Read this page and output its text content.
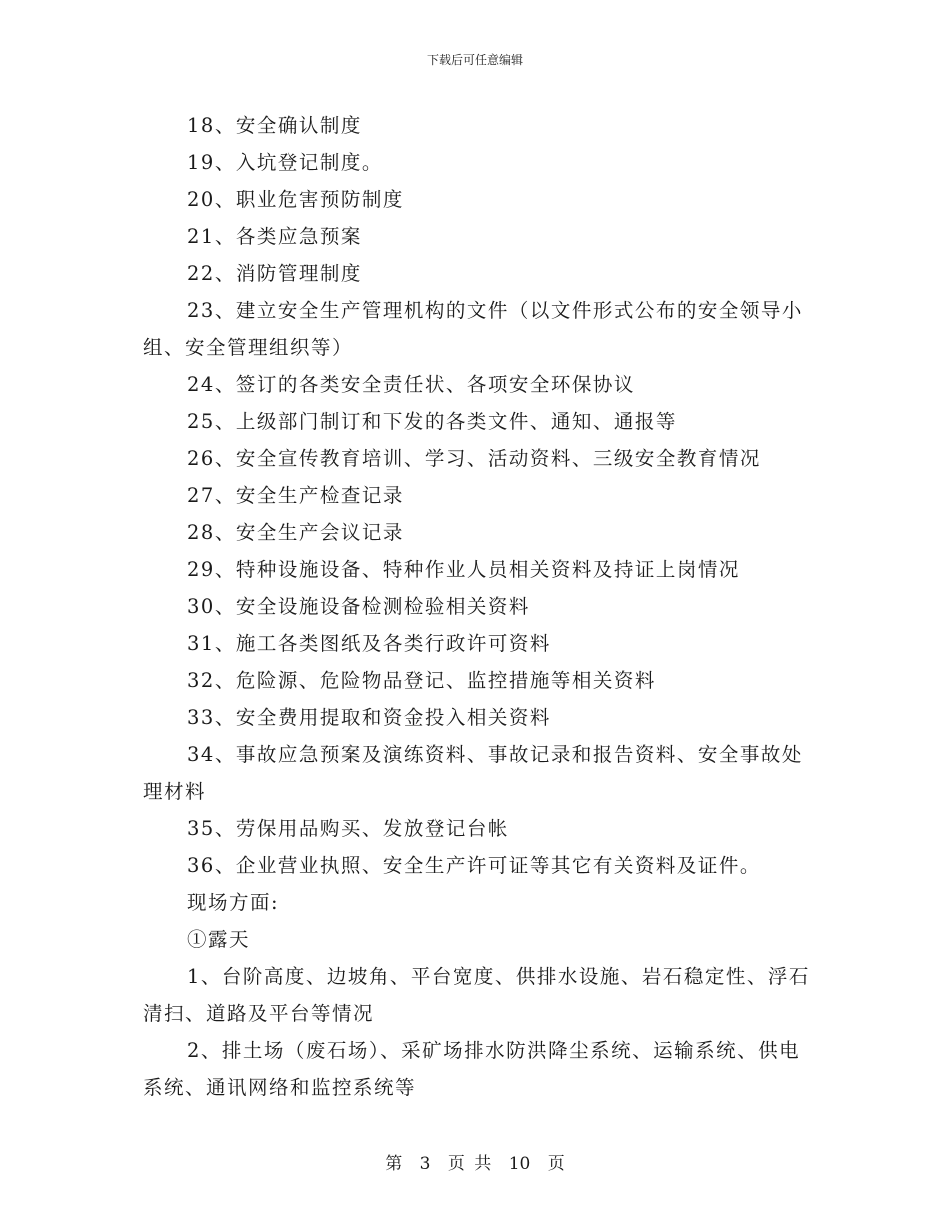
下载后可任意编辑

18、安全确认制度

19、入坑登记制度。

20、职业危害预防制度

21、各类应急预案

22、消防管理制度

23、建立安全生产管理机构的文件（以文件形式公布的安全领导小组、安全管理组织等）

24、签订的各类安全责任状、各项安全环保协议

25、上级部门制订和下发的各类文件、通知、通报等

26、安全宣传教育培训、学习、活动资料、三级安全教育情况

27、安全生产检查记录

28、安全生产会议记录

29、特种设施设备、特种作业人员相关资料及持证上岗情况

30、安全设施设备检测检验相关资料

31、施工各类图纸及各类行政许可资料

32、危险源、危险物品登记、监控措施等相关资料

33、安全费用提取和资金投入相关资料

34、事故应急预案及演练资料、事故记录和报告资料、安全事故处理材料

35、劳保用品购买、发放登记台帐

36、企业营业执照、安全生产许可证等其它有关资料及证件。

现场方面:

①露天

1、台阶高度、边坡角、平台宽度、供排水设施、岩石稳定性、浮石清扫、道路及平台等情况

2、排土场（废石场）、采矿场排水防洪降尘系统、运输系统、供电系统、通讯网络和监控系统等

第 3 页 共 10 页
